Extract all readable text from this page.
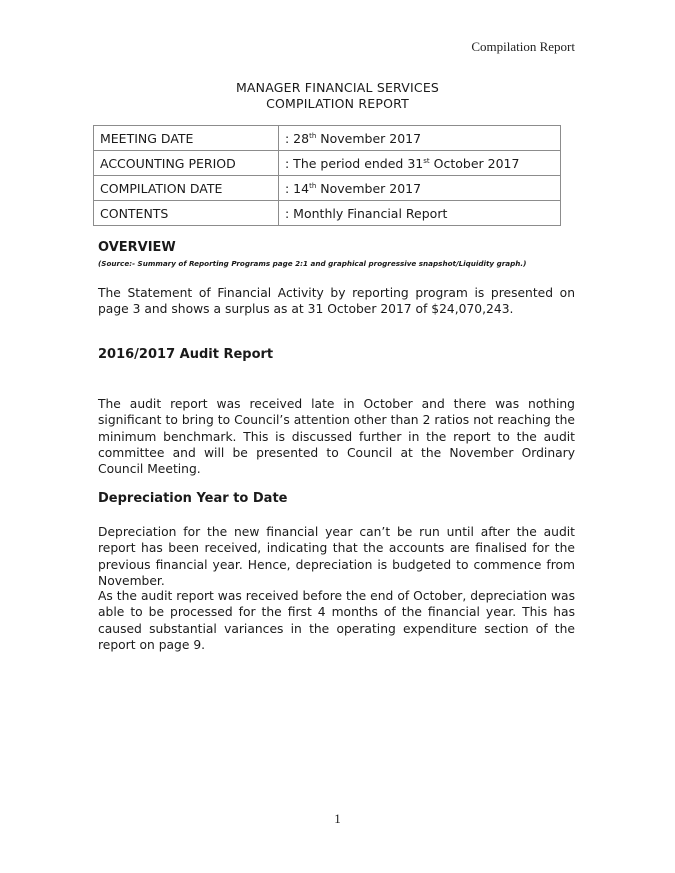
Compilation Report
MANAGER FINANCIAL SERVICES
COMPILATION REPORT
MEETING DATE	: 28th November 2017
ACCOUNTING PERIOD	: The period ended 31st October 2017
COMPILATION DATE	: 14th November 2017
CONTENTS	: Monthly Financial Report
OVERVIEW
(Source:- Summary of Reporting Programs page 2:1 and graphical progressive snapshot/Liquidity graph.)

The Statement of Financial Activity by reporting program is presented on page 3 and shows a surplus as at 31 October 2017 of $24,070,243.

2016/2017 Audit Report

The audit report was received late in October and there was nothing significant to bring to Council’s attention other than 2 ratios not reaching the minimum benchmark. This is discussed further in the report to the audit committee and will be presented to Council at the November Ordinary Council Meeting.

Depreciation Year to Date

Depreciation for the new financial year can’t be run until after the audit report has been received, indicating that the accounts are finalised for the previous financial year. Hence, depreciation is budgeted to commence from November.

As the audit report was received before the end of October, depreciation was able to be processed for the first 4 months of the financial year. This has caused substantial variances in the operating expenditure section of the report on page 9.

1
